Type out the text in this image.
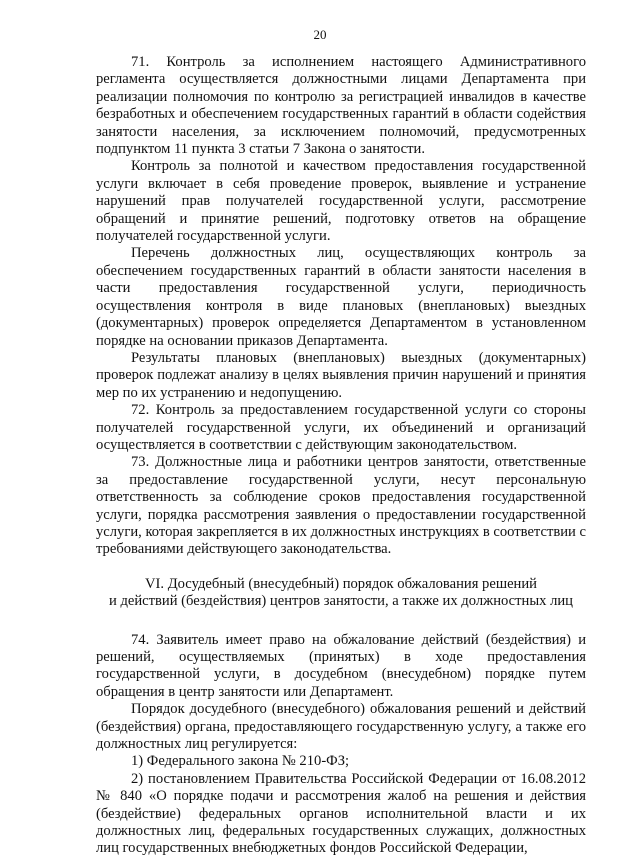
20

71. Контроль за исполнением настоящего Административного регламента осуществляется должностными лицами Департамента при реализации полномочия по контролю за регистрацией инвалидов в качестве безработных и обеспечением государственных гарантий в области содействия занятости населения, за исключением полномочий, предусмотренных подпунктом 11 пункта 3 статьи 7 Закона о занятости.

Контроль за полнотой и качеством предоставления государственной услуги включает в себя проведение проверок, выявление и устранение нарушений прав получателей государственной услуги, рассмотрение обращений и принятие решений, подготовку ответов на обращение получателей государственной услуги.

Перечень должностных лиц, осуществляющих контроль за обеспечением государственных гарантий в области занятости населения в части предоставления государственной услуги, периодичность осуществления контроля в виде плановых (внеплановых) выездных (документарных) проверок определяется Департаментом в установленном порядке на основании приказов Департамента.

Результаты плановых (внеплановых) выездных (документарных) проверок подлежат анализу в целях выявления причин нарушений и принятия мер по их устранению и недопущению.

72. Контроль за предоставлением государственной услуги со стороны получателей государственной услуги, их объединений и организаций осуществляется в соответствии с действующим законодательством.

73. Должностные лица и работники центров занятости, ответственные за предоставление государственной услуги, несут персональную ответственность за соблюдение сроков предоставления государственной услуги, порядка рассмотрения заявления о предоставлении государственной услуги, которая закрепляется в их должностных инструкциях в соответствии с требованиями действующего законодательства.

VI. Досудебный (внесудебный) порядок обжалования решений
и действий (бездействия) центров занятости, а также их должностных лиц

74. Заявитель имеет право на обжалование действий (бездействия) и решений, осуществляемых (принятых) в ходе предоставления государственной услуги, в досудебном (внесудебном) порядке путем обращения в центр занятости или Департамент.

Порядок досудебного (внесудебного) обжалования решений и действий (бездействия) органа, предоставляющего государственную услугу, а также его должностных лиц регулируется:

1) Федерального закона № 210-ФЗ;

2) постановлением Правительства Российской Федерации от 16.08.2012 № 840 «О порядке подачи и рассмотрения жалоб на решения и действия (бездействие) федеральных органов исполнительной власти и их должностных лиц, федеральных государственных служащих, должностных лиц государственных внебюджетных фондов Российской Федерации,
